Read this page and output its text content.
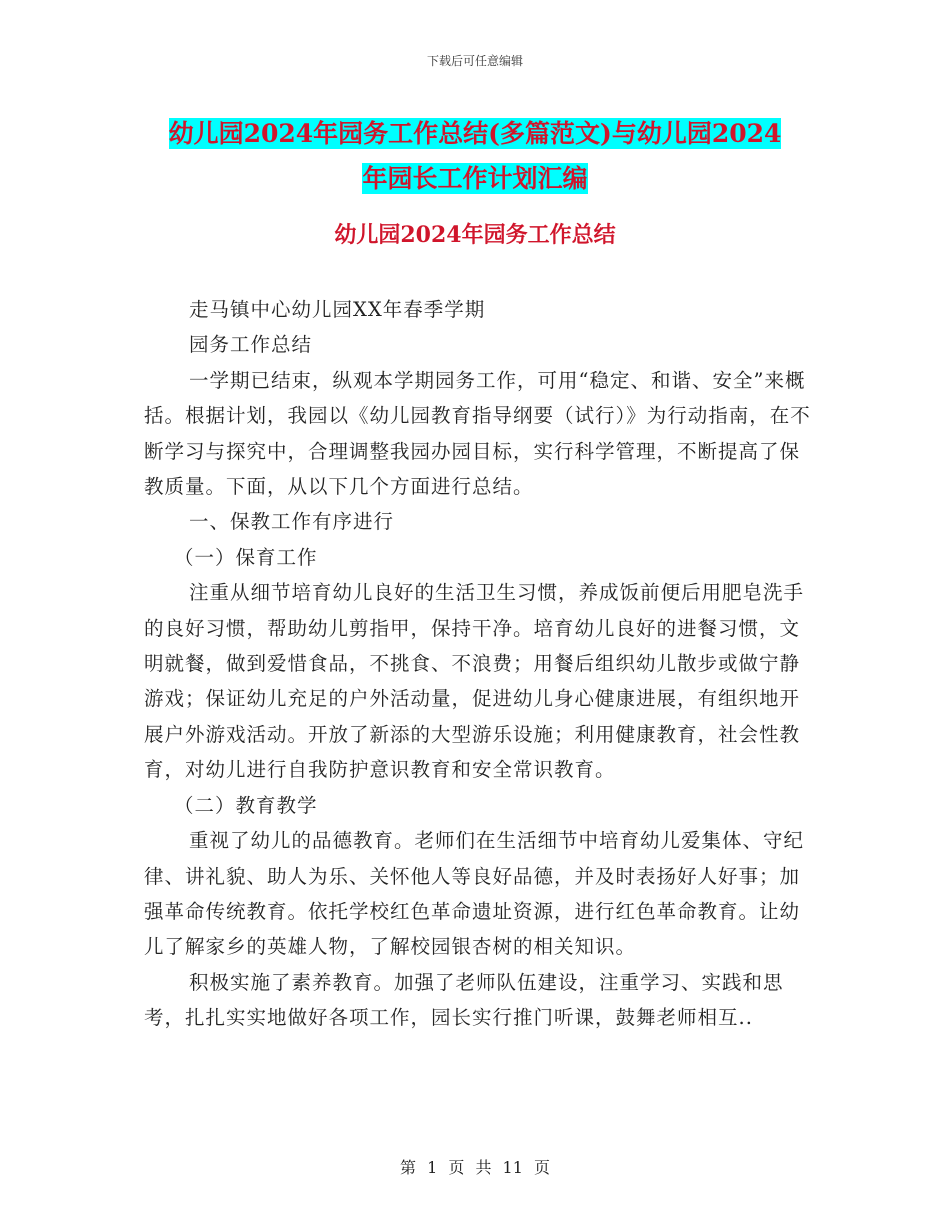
下载后可任意编辑
幼儿园2024年园务工作总结(多篇范文)与幼儿园2024
年园长工作计划汇编
幼儿园2024年园务工作总结

走马镇中心幼儿园XX年春季学期

园务工作总结

一学期已结束，纵观本学期园务工作，可用“稳定、和谐、安全”来概括。根据计划，我园以《幼儿园教育指导纲要（试行）》为行动指南，在不断学习与探究中，合理调整我园办园目标，实行科学管理，不断提高了保教质量。下面，从以下几个方面进行总结。

一、保教工作有序进行

（一）保育工作

注重从细节培育幼儿良好的生活卫生习惯，养成饭前便后用肥皂洗手的良好习惯，帮助幼儿剪指甲，保持干净。培育幼儿良好的进餐习惯，文明就餐，做到爱惜食品，不挑食、不浪费；用餐后组织幼儿散步或做宁静游戏；保证幼儿充足的户外活动量，促进幼儿身心健康进展，有组织地开展户外游戏活动。开放了新添的大型游乐设施；利用健康教育，社会性教育，对幼儿进行自我防护意识教育和安全常识教育。

（二）教育教学

重视了幼儿的品德教育。老师们在生活细节中培育幼儿爱集体、守纪律、讲礼貌、助人为乐、关怀他人等良好品德，并及时表扬好人好事；加强革命传统教育。依托学校红色革命遗址资源，进行红色革命教育。让幼儿了解家乡的英雄人物，了解校园银杏树的相关知识。

积极实施了素养教育。加强了老师队伍建设，注重学习、实践和思考，扎扎实实地做好各项工作，园长实行推门听课，鼓舞老师相互..

第 1 页 共 11 页
